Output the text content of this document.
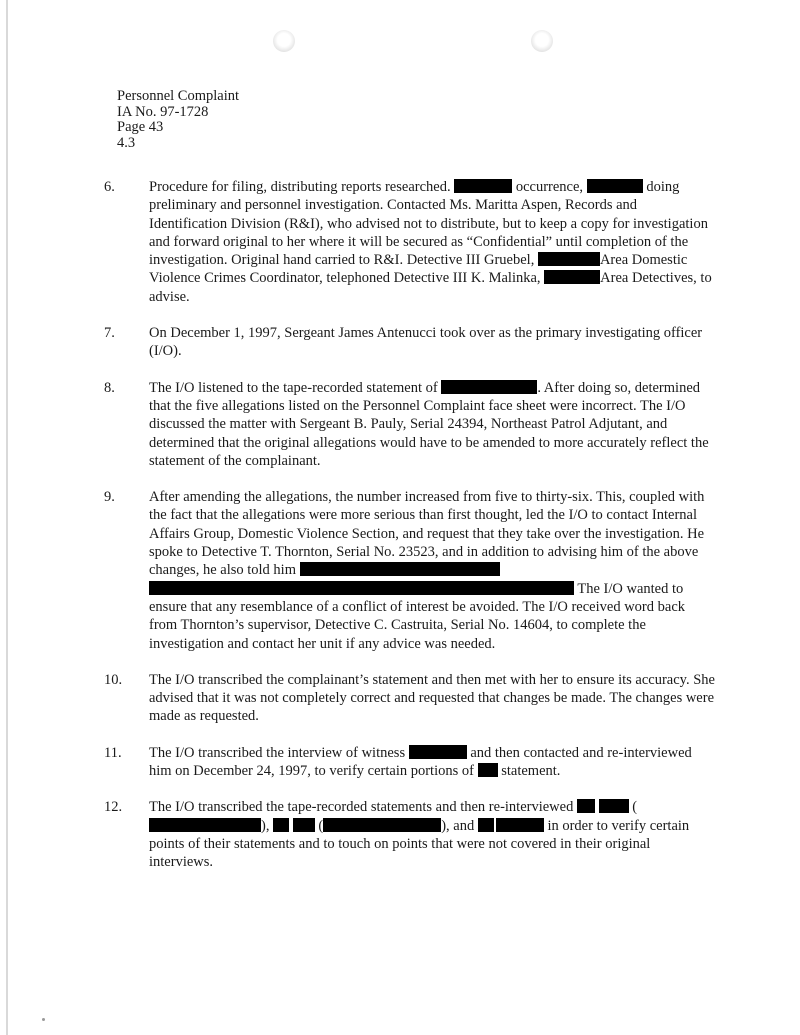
Personnel Complaint
IA No. 97-1728
Page 43
4.3
6. Procedure for filing, distributing reports researched.	occurrence,	doing preliminary and personnel investigation. Contacted Ms. Maritta Aspen, Records and Identification Division (R&I), who advised not to distribute, but to keep a copy for investigation and forward original to her where it will be secured as “Confidential” until completion of the investigation. Original hand carried to R&I. Detective III Gruebel,	Area Domestic Violence Crimes Coordinator, telephoned Detective III K. Malinka,	Area Detectives, to advise.
7. On December 1, 1997, Sergeant James Antenucci took over as the primary investigating officer (I/O).
8. The I/O listened to the tape-recorded statement of	. After doing so, determined that the five allegations listed on the Personnel Complaint face sheet were incorrect. The I/O discussed the matter with Sergeant B. Pauly, Serial 24394, Northeast Patrol Adjutant, and determined that the original allegations would have to be amended to more accurately reflect the statement of the complainant.
9. After amending the allegations, the number increased from five to thirty-six. This, coupled with the fact that the allegations were more serious than first thought, led the I/O to contact Internal Affairs Group, Domestic Violence Section, and request that they take over the investigation. He spoke to Detective T. Thornton, Serial No. 23523, and in addition to advising him of the above changes, he also told him   The I/O wanted to ensure that any resemblance of a conflict of interest be avoided. The I/O received word back from Thornton’s supervisor, Detective C. Castruita, Serial No. 14604, to complete the investigation and contact her unit if any advice was needed.
10. The I/O transcribed the complainant’s statement and then met with her to ensure its accuracy. She advised that it was not completely correct and requested that changes be made. The changes were made as requested.
11. The I/O transcribed the interview of witness	and then contacted and re-interviewed him on December 24, 1997, to verify certain portions of statement.
12. The I/O transcribed the tape-recorded statements and then re-interviewed	(),	(	), and	in order to verify certain points of their statements and to touch on points that were not covered in their original interviews.
